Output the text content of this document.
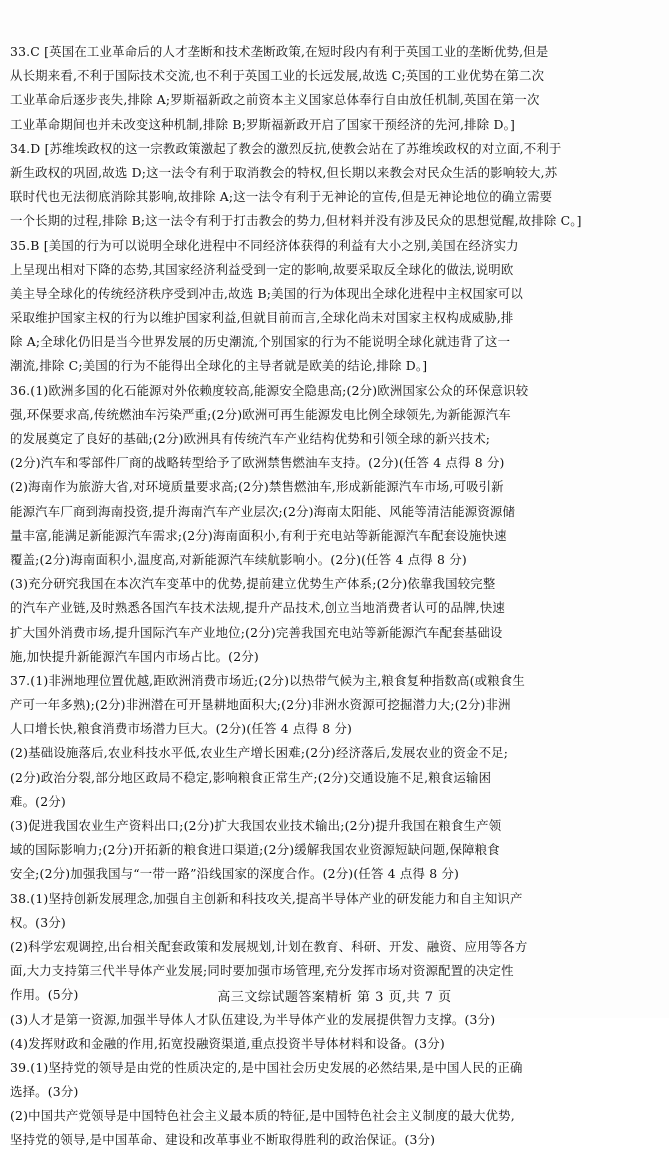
33.C [英国在工业革命后的人才垄断和技术垄断政策,在短时段内有利于英国工业的垄断优势,但是
从长期来看,不利于国际技术交流,也不利于英国工业的长远发展,故选 C;英国的工业优势在第二次
工业革命后逐步丧失,排除 A;罗斯福新政之前资本主义国家总体奉行自由放任机制,英国在第一次
工业革命期间也并未改变这种机制,排除 B;罗斯福新政开启了国家干预经济的先河,排除 D。]
34.D [苏维埃政权的这一宗教政策激起了教会的激烈反抗,使教会站在了苏维埃政权的对立面,不利于
新生政权的巩固,故选 D;这一法令有利于取消教会的特权,但长期以来教会对民众生活的影响较大,苏
联时代也无法彻底消除其影响,故排除 A;这一法令有利于无神论的宣传,但是无神论地位的确立需要
一个长期的过程,排除 B;这一法令有利于打击教会的势力,但材料并没有涉及民众的思想觉醒,故排除 C。]
35.B [美国的行为可以说明全球化进程中不同经济体获得的利益有大小之别,美国在经济实力
上呈现出相对下降的态势,其国家经济利益受到一定的影响,故要采取反全球化的做法,说明欧
美主导全球化的传统经济秩序受到冲击,故选 B;美国的行为体现出全球化进程中主权国家可以
采取维护国家主权的行为以维护国家利益,但就目前而言,全球化尚未对国家主权构成威胁,排
除 A;全球化仍旧是当今世界发展的历史潮流,个别国家的行为不能说明全球化就违背了这一
潮流,排除 C;美国的行为不能得出全球化的主导者就是欧美的结论,排除 D。]
36.(1)欧洲多国的化石能源对外依赖度较高,能源安全隐患高;(2分)欧洲国家公众的环保意识较
强,环保要求高,传统燃油车污染严重;(2分)欧洲可再生能源发电比例全球领先,为新能源汽车
的发展奠定了良好的基础;(2分)欧洲具有传统汽车产业结构优势和引领全球的新兴技术;
(2分)汽车和零部件厂商的战略转型给予了欧洲禁售燃油车支持。(2分)(任答 4 点得 8 分)
(2)海南作为旅游大省,对环境质量要求高;(2分)禁售燃油车,形成新能源汽车市场,可吸引新
能源汽车厂商到海南投资,提升海南汽车产业层次;(2分)海南太阳能、风能等清洁能源资源储
量丰富,能满足新能源汽车需求;(2分)海南面积小,有利于充电站等新能源汽车配套设施快速
覆盖;(2分)海南面积小,温度高,对新能源汽车续航影响小。(2分)(任答 4 点得 8 分)
(3)充分研究我国在本次汽车变革中的优势,提前建立优势生产体系;(2分)依靠我国较完整
的汽车产业链,及时熟悉各国汽车技术法规,提升产品技术,创立当地消费者认可的品牌,快速
扩大国外消费市场,提升国际汽车产业地位;(2分)完善我国充电站等新能源汽车配套基础设
施,加快提升新能源汽车国内市场占比。(2分)
37.(1)非洲地理位置优越,距欧洲消费市场近;(2分)以热带气候为主,粮食复种指数高(或粮食生
产可一年多熟);(2分)非洲潜在可开垦耕地面积大;(2分)非洲水资源可挖掘潜力大;(2分)非洲
人口增长快,粮食消费市场潜力巨大。(2分)(任答 4 点得 8 分)
(2)基础设施落后,农业科技水平低,农业生产增长困难;(2分)经济落后,发展农业的资金不足;
(2分)政治分裂,部分地区政局不稳定,影响粮食正常生产;(2分)交通设施不足,粮食运输困
难。(2分)
(3)促进我国农业生产资料出口;(2分)扩大我国农业技术输出;(2分)提升我国在粮食生产领
域的国际影响力;(2分)开拓新的粮食进口渠道;(2分)缓解我国农业资源短缺问题,保障粮食
安全;(2分)加强我国与“一带一路”沿线国家的深度合作。(2分)(任答 4 点得 8 分)
38.(1)坚持创新发展理念,加强自主创新和科技攻关,提高半导体产业的研发能力和自主知识产
权。(3分)
(2)科学宏观调控,出台相关配套政策和发展规划,计划在教育、科研、开发、融资、应用等各方
面,大力支持第三代半导体产业发展;同时要加强市场管理,充分发挥市场对资源配置的决定性
作用。(5分)
(3)人才是第一资源,加强半导体人才队伍建设,为半导体产业的发展提供智力支撑。(3分)
(4)发挥财政和金融的作用,拓宽投融资渠道,重点投资半导体材料和设备。(3分)
39.(1)坚持党的领导是由党的性质决定的,是中国社会历史发展的必然结果,是中国人民的正确
选择。(3分)
(2)中国共产党领导是中国特色社会主义最本质的特征,是中国特色社会主义制度的最大优势,
坚持党的领导,是中国革命、建设和改革事业不断取得胜利的政治保证。(3分)
高三文综试题答案精析 第 3 页,共 7 页
